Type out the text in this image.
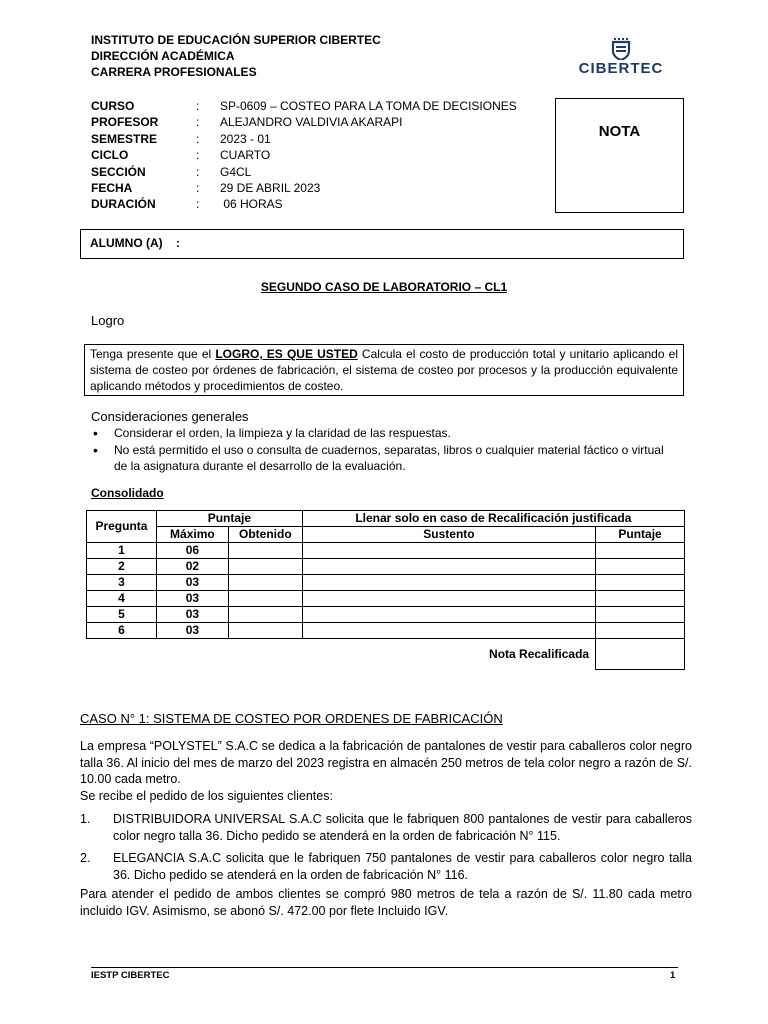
INSTITUTO DE EDUCACIÓN SUPERIOR CIBERTEC
DIRECCIÓN ACADÉMICA
CARRERA PROFESIONALES	CIBERTEC
CURSO	: SP-0609 – COSTEO PARA LA TOMA DE DECISIONES
PROFESOR	: ALEJANDRO VALDIVIA AKARAPI
SEMESTRE	: 2023 - 01
CICLO	: CUARTO
SECCIÓN	: G4CL
FECHA	: 29 DE ABRIL 2023
DURACIÓN	: 06 HORAS
NOTA
ALUMNO (A)    :
SEGUNDO CASO DE LABORATORIO – CL1
Logro
Tenga presente que el LOGRO, ES QUE USTED Calcula el costo de producción total y unitario aplicando el sistema de costeo por órdenes de fabricación, el sistema de costeo por procesos y la producción equivalente aplicando métodos y procedimientos de costeo.
Consideraciones generales
• Considerar el orden, la limpieza y la claridad de las respuestas.
• No está permitido el uso o consulta de cuadernos, separatas, libros o cualquier material fáctico o virtual de la asignatura durante el desarrollo de la evaluación.
Consolidado
Pregunta	Puntaje		Llenar solo en caso de Recalificación justificada	
	Máximo	Obtenido	Sustento	Puntaje
1	06			
2	02			
3	03			
4	03			
5	03			
6	03			
Nota Recalificada				
CASO N° 1: SISTEMA DE COSTEO POR ORDENES DE FABRICACIÓN
La empresa “POLYSTEL” S.A.C se dedica a la fabricación de pantalones de vestir para caballeros color negro talla 36. Al inicio del mes de marzo del 2023 registra en almacén 250 metros de tela color negro a razón de S/. 10.00 cada metro.
Se recibe el pedido de los siguientes clientes:
1. DISTRIBUIDORA UNIVERSAL S.A.C solicita que le fabriquen 800 pantalones de vestir para caballeros color negro talla 36. Dicho pedido se atenderá en la orden de fabricación N° 115.
2. ELEGANCIA S.A.C solicita que le fabriquen 750 pantalones de vestir para caballeros color negro talla 36. Dicho pedido se atenderá en la orden de fabricación N° 116.
Para atender el pedido de ambos clientes se compró 980 metros de tela a razón de S/. 11.80 cada metro incluido IGV. Asimismo, se abonó S/. 472.00 por flete Incluido IGV.
IESTP CIBERTEC	1
